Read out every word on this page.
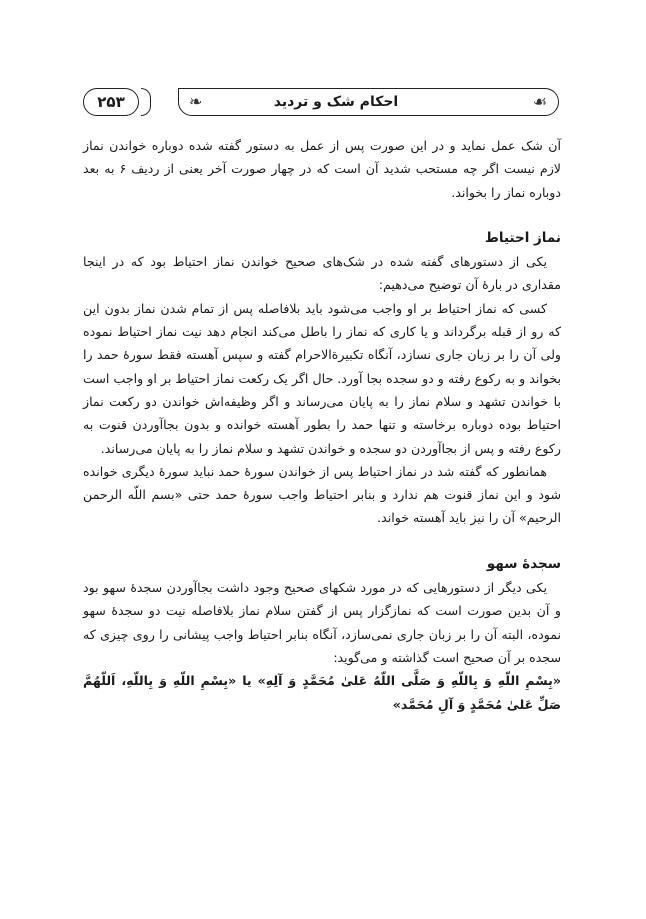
۲۵۳	❧	احکام شک و تردید	☙

آن شک عمل نماید و در این صورت پس از عمل به دستور گفته شده دوباره خواندن نماز لازم نیست اگر چه مستحب شدید آن است که در چهار صورت آخر یعنی از ردیف ۶ به بعد دوباره نماز را بخواند.

نماز احتیاط

یکی از دستورهای گفته شده در شک‌های صحیح خواندن نماز احتیاط بود که در اینجا مقداری در بارهٔ آن توضیح می‌دهیم:

کسی که نماز احتیاط بر او واجب می‌شود باید بلافاصله پس از تمام شدن نماز بدون این که رو از قبله برگرداند و یا کاری که نماز را باطل می‌کند انجام دهد نیت نماز احتیاط نموده ولی آن را بر زبان جاری نسازد، آنگاه تکبیرةالاحرام گفته و سپس آهسته فقط سورهٔ حمد را بخواند و به رکوع رفته و دو سجده بجا آورد. حال اگر یک رکعت نماز احتیاط بر او واجب است با خواندن تشهد و سلام نماز را به پایان می‌رساند و اگر وظیفه‌اش خواندن دو رکعت نماز احتیاط بوده دوباره برخاسته و تنها حمد را بطور آهسته خوانده و بدون بجاآوردن قنوت به رکوع رفته و پس از بجاآوردن دو سجده و خواندن تشهد و سلام نماز را به پایان می‌رساند.

همانطور که گفته شد در نماز احتیاط پس از خواندن سورهٔ حمد نباید سورهٔ دیگری خوانده شود و این نماز قنوت هم ندارد و بنابر احتیاط واجب سورهٔ حمد حتی «بسم اللّه الرحمن الرحیم» آن را نیز باید آهسته خواند.

سجدهٔ سهو

یکی دیگر از دستورهایی که در مورد شکهای صحیح وجود داشت بجاآوردن سجدهٔ سهو بود و آن بدین صورت است که نمازگزار پس از گفتن سلام نماز بلافاصله نیت دو سجدهٔ سهو نموده، البته آن را بر زبان جاری نمی‌سازد، آنگاه بنابر احتیاط واجب پیشانی را روی چیزی که سجده بر آن صحیح است گذاشته و می‌گوید:

«بِسْمِ اللّهِ وَ بِاللّهِ وَ صَلَّی اللّهُ عَلیٰ مُحَمَّدٍ وَ آلِهِ» یا «بِسْمِ اللّهِ وَ بِاللّهِ، اَللّهُمَّ صَلِّ عَلیٰ مُحَمَّدٍ وَ آلِ مُحَمَّد»
